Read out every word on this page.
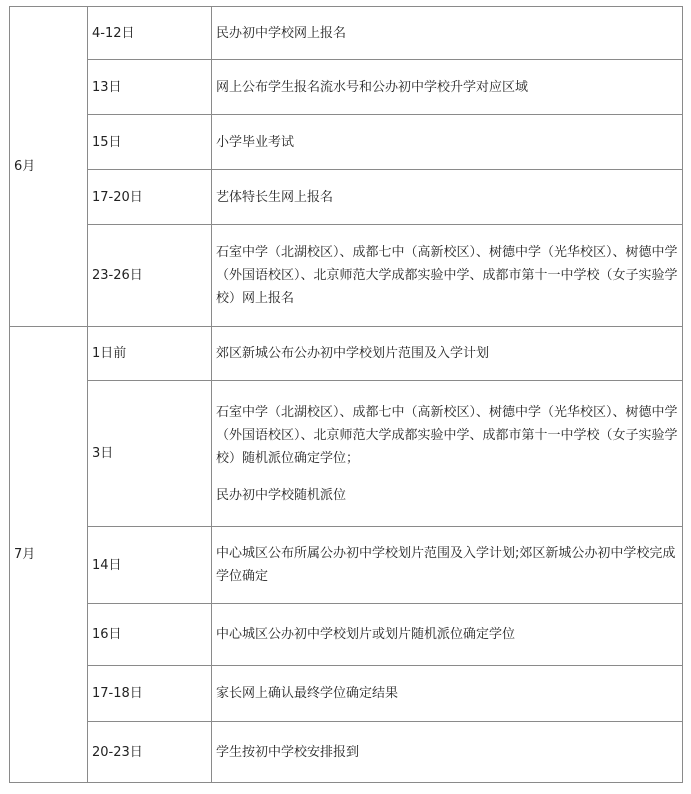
6月	4-12日	民办初中学校网上报名

	13日	网上公布学生报名流水号和公办初中学校升学对应区域

	15日	小学毕业考试

	17-20日	艺体特长生网上报名

	23-26日	石室中学（北湖校区）、成都七中（高新校区）、树德中学（光华校区）、树德中学（外国语校区）、北京师范大学成都实验中学、成都市第十一中学校（女子实验学校）网上报名

7月	1日前	郊区新城公布公办初中学校划片范围及入学计划

	3日	石室中学（北湖校区）、成都七中（高新校区）、树德中学（光华校区）、树德中学（外国语校区）、北京师范大学成都实验中学、成都市第十一中学校（女子实验学校）随机派位确定学位；
民办初中学校随机派位

	14日	中心城区公布所属公办初中学校划片范围及入学计划;郊区新城公办初中学校完成学位确定

	16日	中心城区公办初中学校划片或划片随机派位确定学位

	17-18日	家长网上确认最终学位确定结果

	20-23日	学生按初中学校安排报到
